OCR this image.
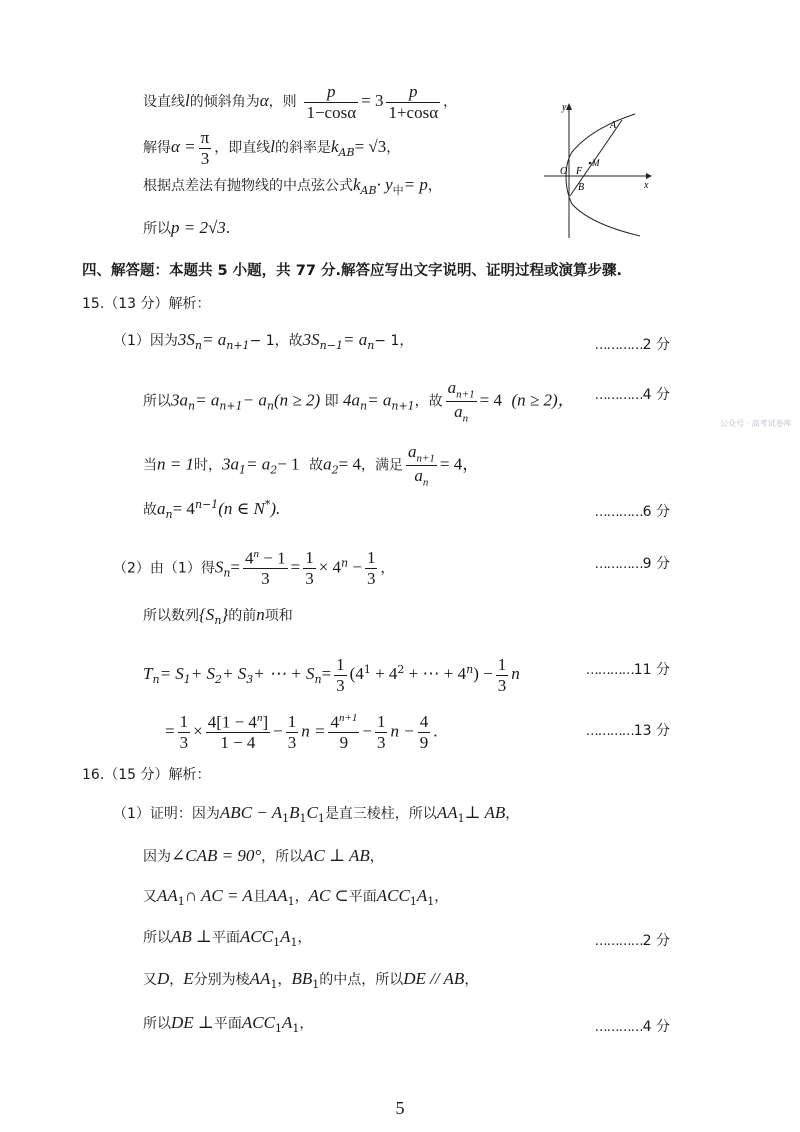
设直线l的倾斜角为α，则 $\frac{p}{1-\cos\alpha} = 3 \frac{p}{1+\cos\alpha}$ ，
解得$\alpha = \frac{\pi}{3}$ ，即直线l的斜率是$k_{AB}= √3$，
根据点差法有抛物线的中点弦公式$k_{AB}\cdot y_中= p$，
所以p = 2√3.
y
x
A
M
O F
B
四、解答题：本题共 5 小题，共 77 分.解答应写出文字说明、证明过程或演算步骤.
15.（13 分）解析：
（1）因为$3S_n= a_{n+1}- 1$，故$3S_{n-1}= a_n- 1$，	…………2 分
所以$3a_n= a_{n+1}- a_n(n \ge 2)$ 即 $4a_n= a_{n+1}$，故 $\frac{a_{n+1}}{a_n} = 4$ (n ≥ 2)， …………4 分
当n = 1时，$3a_1= a_2- 1$ 故$a_2= 4$，满足 $\frac{a_{n+1}}{a_n} = 4$，
故$a_n= 4^{n-1}(n$ ∈ N*).	…………6 分
（2）由（1）得$S_n= \frac{4^n - 1}{3} = \frac{1}{3} \times 4^n - \frac{1}{3}$ ，	…………9 分
所以数列$\{S_n\}$的前n项和
$T_n= S_1+ S_2+ S_3+$ ⋯ + $S_n= \frac{1}{3} (4^1 + 4^2$ + ⋯ + $4^n) - \frac{1}{3}$ n	…………11 分
= $\frac{1}{3} \times \frac{4[1 - 4^n]}{1 - 4} - \frac{1}{3}$ $n = \frac{4^{n+1}}{9} - \frac{1}{3}$ $n - \frac{4}{9}$ .	…………13 分
16.（15 分）解析：
（1）证明：因为ABC − $A_1B_1C_1$是直三棱柱，所以$AA_1\perp$ AB，
因为∠CAB = 90°，所以AC ⊥ AB，
又$AA_1\cap$ AC = A且$AA_1$，AC ⊂平面$ACC_1A_1$，
所以AB ⊥平面$ACC_1A_1$，	…………2 分
又D，E分别为棱$AA_1$，$BB_1$的中点，所以DE // AB，
所以DE ⊥平面$ACC_1A_1$，	…………4 分
公众号 · 高考试卷库
5
